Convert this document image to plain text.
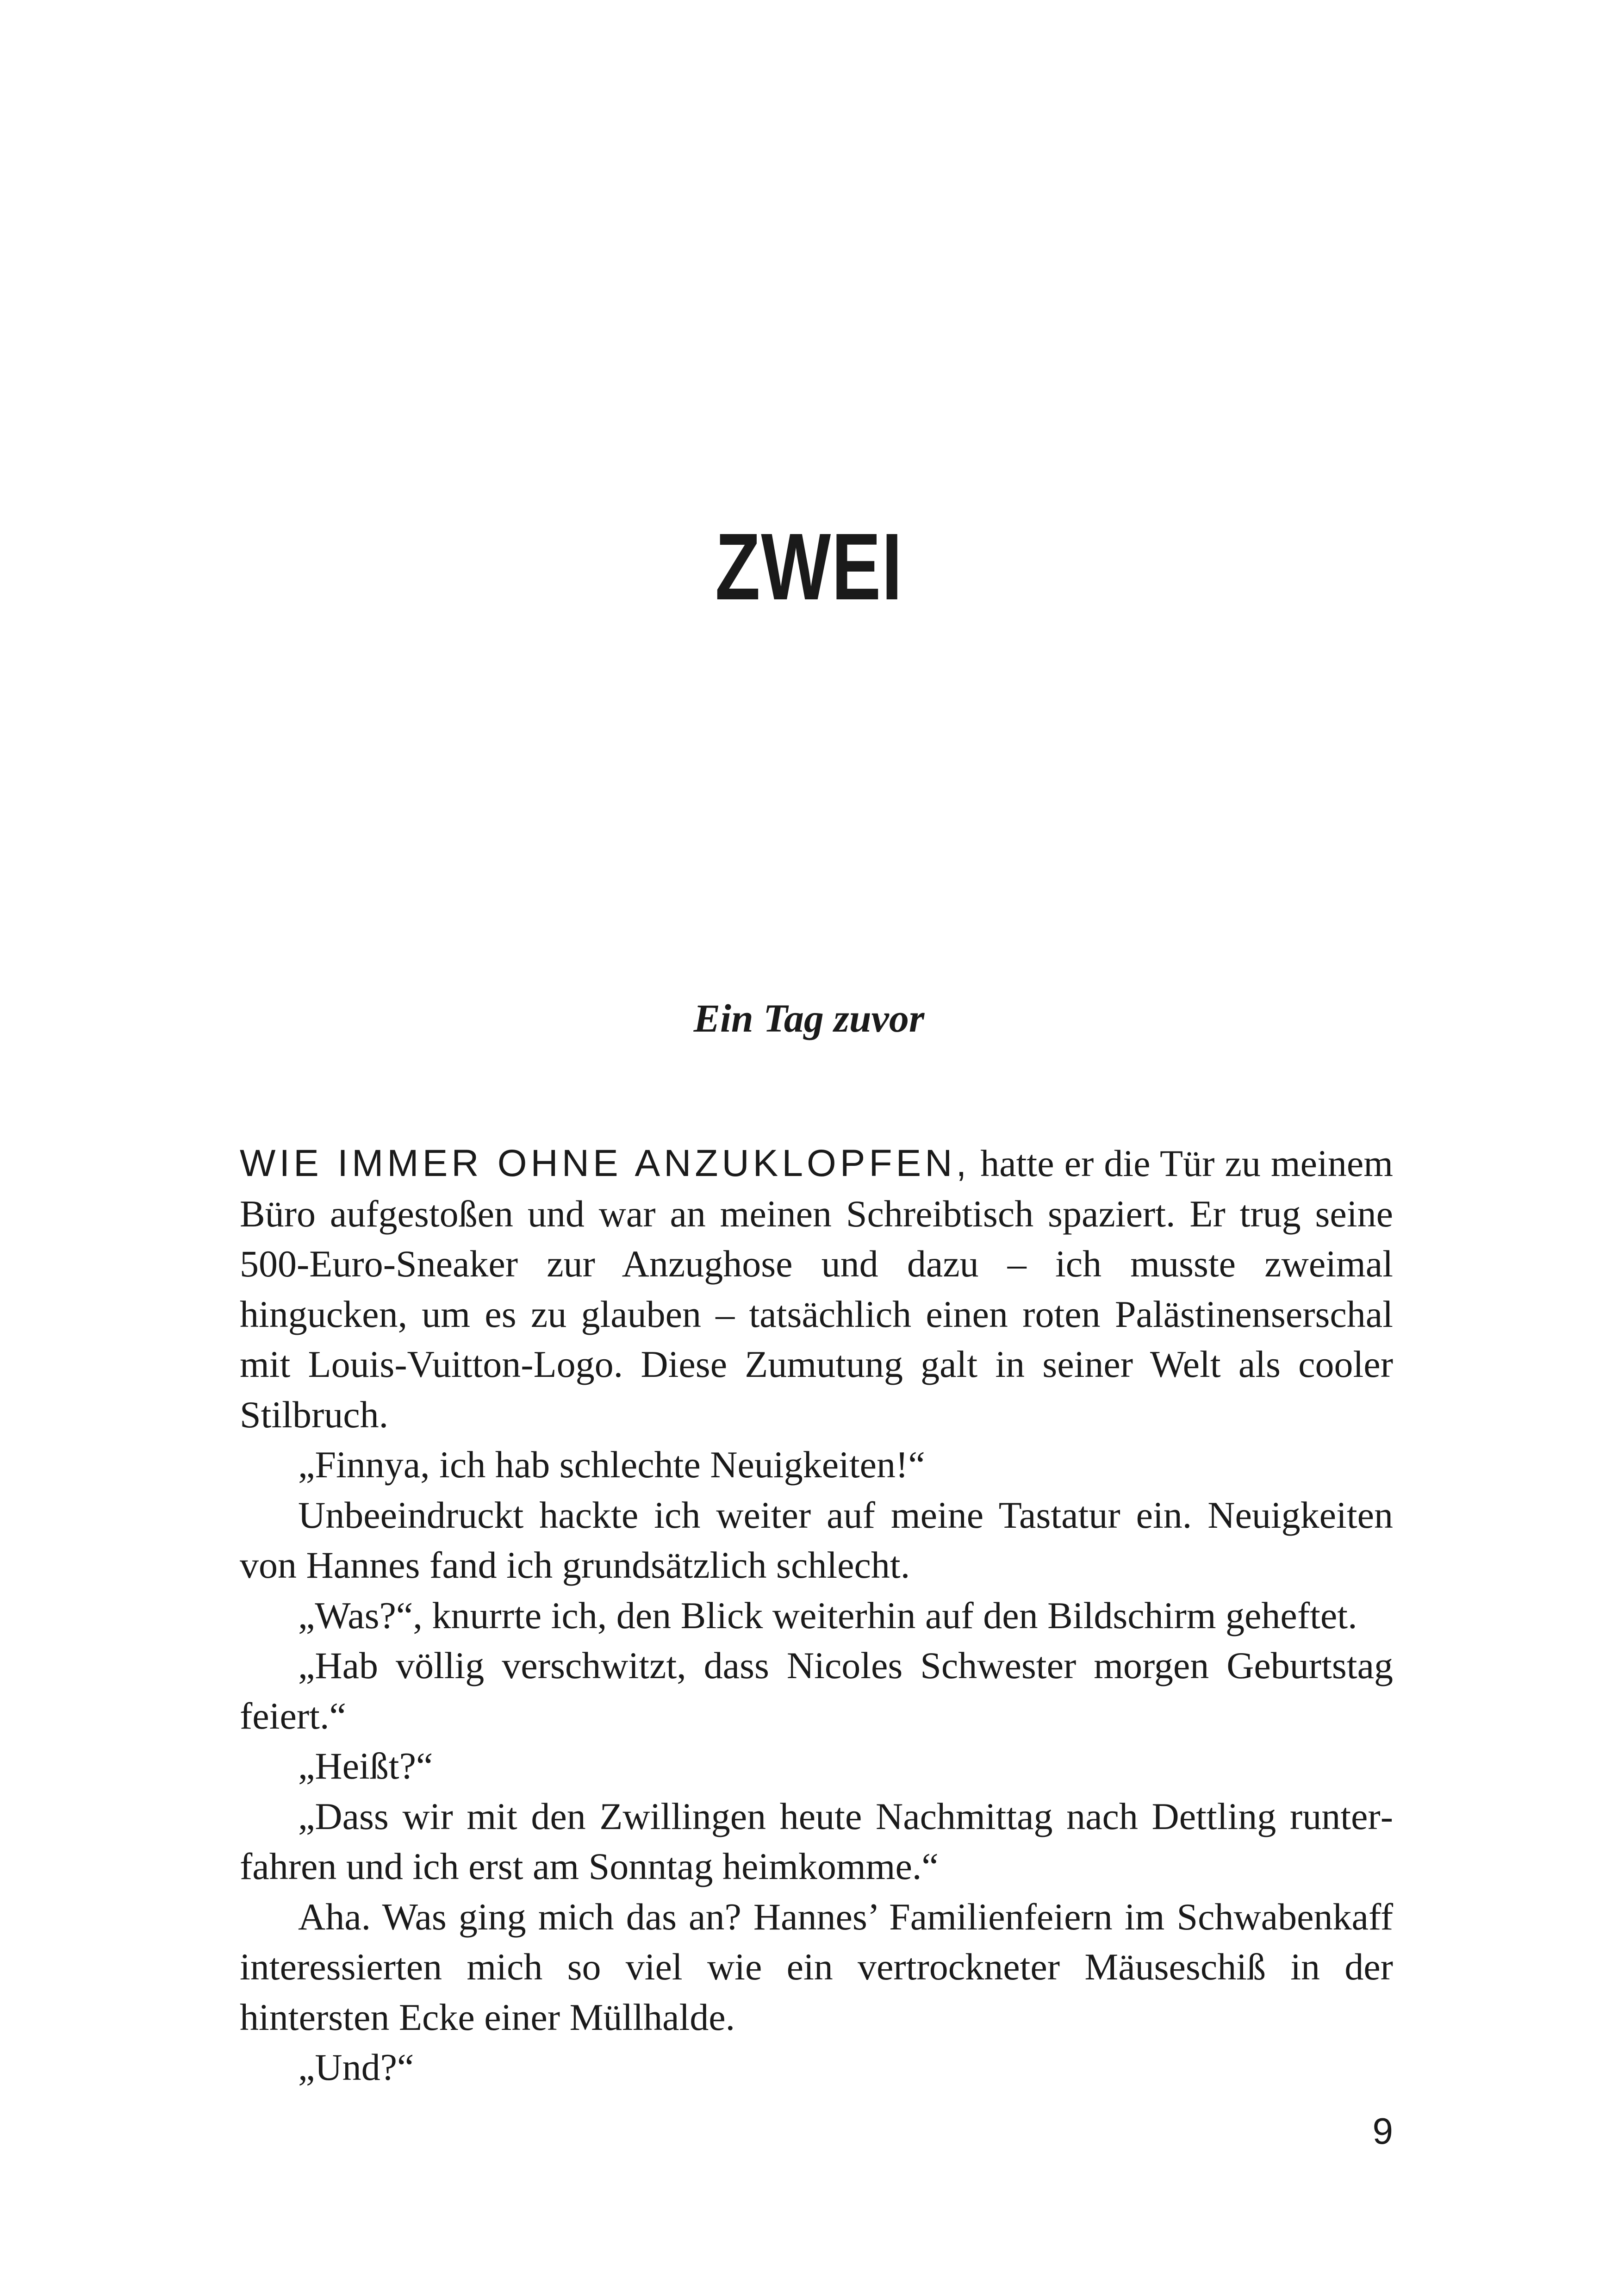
ZWEI
Ein Tag zuvor

WIE IMMER OHNE ANZUKLOPFEN, hatte er die Tür zu meinem Büro aufgestoßen und war an meinen Schreibtisch spaziert. Er trug seine 500-Euro-Sneaker zur Anzughose und dazu – ich musste zweimal hingucken, um es zu glauben – tatsächlich einen roten Palästinenserschal mit Louis-Vuitton-Logo. Diese Zumutung galt in seiner Welt als cooler Stilbruch.

„Finnya, ich hab schlechte Neuigkeiten!“

Unbeeindruckt hackte ich weiter auf meine Tastatur ein. Neuigkeiten von Hannes fand ich grundsätzlich schlecht.

„Was?“, knurrte ich, den Blick weiterhin auf den Bildschirm geheftet.

„Hab völlig verschwitzt, dass Nicoles Schwester morgen Geburtstag feiert.“

„Heißt?“

„Dass wir mit den Zwillingen heute Nachmittag nach Dettling runterfahren und ich erst am Sonntag heimkomme.“

Aha. Was ging mich das an? Hannes’ Familienfeiern im Schwabenkaff interessierten mich so viel wie ein vertrockneter Mäuseschiß in der hintersten Ecke einer Müllhalde.

„Und?“

9
